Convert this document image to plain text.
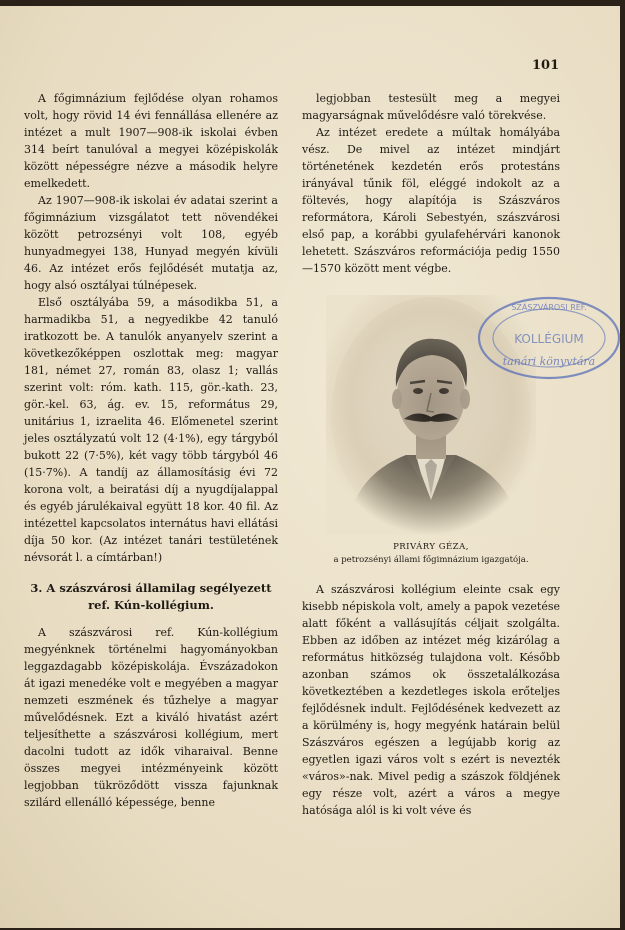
101

A főgimnázium fejlődése olyan rohamos volt, hogy rövid 14 évi fennállása ellenére az intézet a mult 1907—908-ik iskolai évben 314 beírt tanulóval a megyei középiskolák között népességre nézve a második helyre emelkedett.

Az 1907—908-ik iskolai év adatai szerint a főgimnázium vizsgálatot tett növendékei között petrozsényi volt 108, egyéb hunyadmegyei 138, Hunyad megyén kívüli 46. Az intézet erős fejlődését mutatja az, hogy alsó osztályai túlnépesek.

Első osztályába 59, a másodikba 51, a harmadikba 51, a negyedikbe 42 tanuló iratkozott be. A tanulók anyanyelv szerint a következőképpen oszlottak meg: magyar 181, német 27, román 83, olasz 1; vallás szerint volt: róm. kath. 115, gör.-kath. 23, gör.-kel. 63, ág. ev. 15, református 29, unitárius 1, izraelita 46. Előmenetel szerint jeles osztályzatú volt 12 (4·1%), egy tárgyból bukott 22 (7·5%), két vagy több tárgyból 46 (15·7%). A tandíj az államosításig évi 72 korona volt, a beiratási díj a nyugdíjalappal és egyéb járulékaival együtt 18 kor. 40 fil. Az intézettel kapcsolatos internátus havi ellátási díja 50 kor. (Az intézet tanári testületének névsorát l. a címtárban!)

3. A szászvárosi államilag segélyezett
ref. Kún-kollégium.

A szászvárosi ref. Kún-kollégium megyénknek történelmi hagyományokban leggazdagabb középiskolája. Évszázadokon át igazi menedéke volt e megyében a magyar nemzeti eszmének és tűzhelye a magyar művelődésnek. Ezt a kiváló hivatást azért teljesíthette a szászvárosi kollégium, mert dacolni tudott az idők viharaival. Benne összes megyei intézményeink között legjobban tükröződött vissza fajunknak szilárd ellenálló képessége, benne

legjobban testesült meg a megyei magyarságnak művelődésre való törekvése.

Az intézet eredete a múltak homályába vész. De mivel az intézet mindjárt történetének kezdetén erős protestáns irányával tűnik föl, eléggé indokolt az a föltevés, hogy alapítója is Szászváros reformátora, Károli Sebestyén, szászvárosi első pap, a korábbi gyulafehérvári kanonok lehetett. Szászváros reformációja pedig 1550—1570 között ment végbe.

SZÁSZVÁROSI REF.
KOLLÉGIUM
tanári könyvtára
PRIVÁRY GÉZA,
a petrozsényi állami főgimnázium igazgatója.

A szászvárosi kollégium eleinte csak egy kisebb népiskola volt, amely a papok vezetése alatt főként a vallásujítás céljait szolgálta. Ebben az időben az intézet még kizárólag a református hitközség tulajdona volt. Később azonban számos ok összetalálkozása következtében a kezdetleges iskola erőteljes fejlődésnek indult. Fejlődésének kedvezett az a körülmény is, hogy megyénk határain belül Szászváros egészen a legújabb korig az egyetlen igazi város volt s ezért is nevezték «város»-nak. Mivel pedig a szászok földjének egy része volt, azért a város a megye hatósága alól is ki volt véve és
